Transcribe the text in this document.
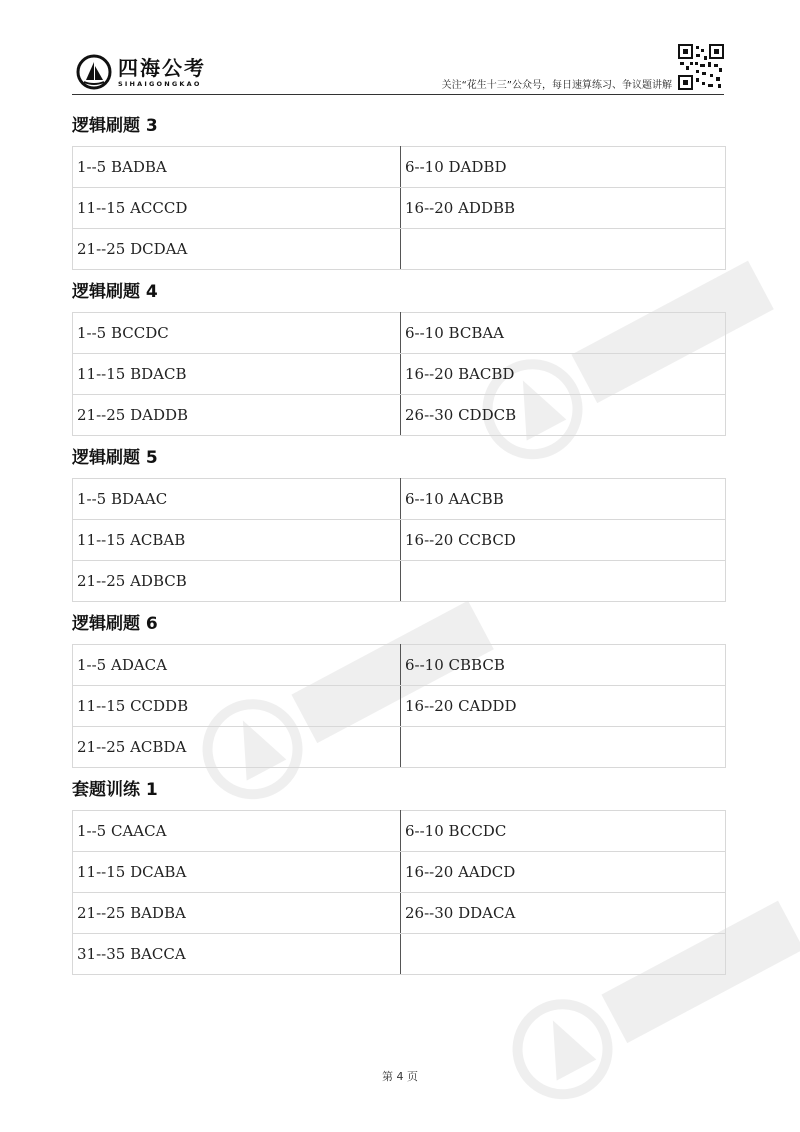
四海公考
SIHAIGONGKAO	关注“花生十三”公众号，每日速算练习、争议题讲解
逻辑刷题 3
1--5 BADBA	6--10 DADBD
11--15 ACCCD	16--20 ADDBB
21--25 DCDAA	
逻辑刷题 4
1--5 BCCDC	6--10 BCBAA
11--15 BDACB	16--20 BACBD
21--25 DADDB	26--30 CDDCB
逻辑刷题 5
1--5 BDAAC	6--10 AACBB
11--15 ACBAB	16--20 CCBCD
21--25 ADBCB	
逻辑刷题 6
1--5 ADACA	6--10 CBBCB
11--15 CCDDB	16--20 CADDD
21--25 ACBDA	
套题训练 1
1--5 CAACA	6--10 BCCDC
11--15 DCABA	16--20 AADCD
21--25 BADBA	26--30 DDACA
31--35 BACCA	
第 4 页
